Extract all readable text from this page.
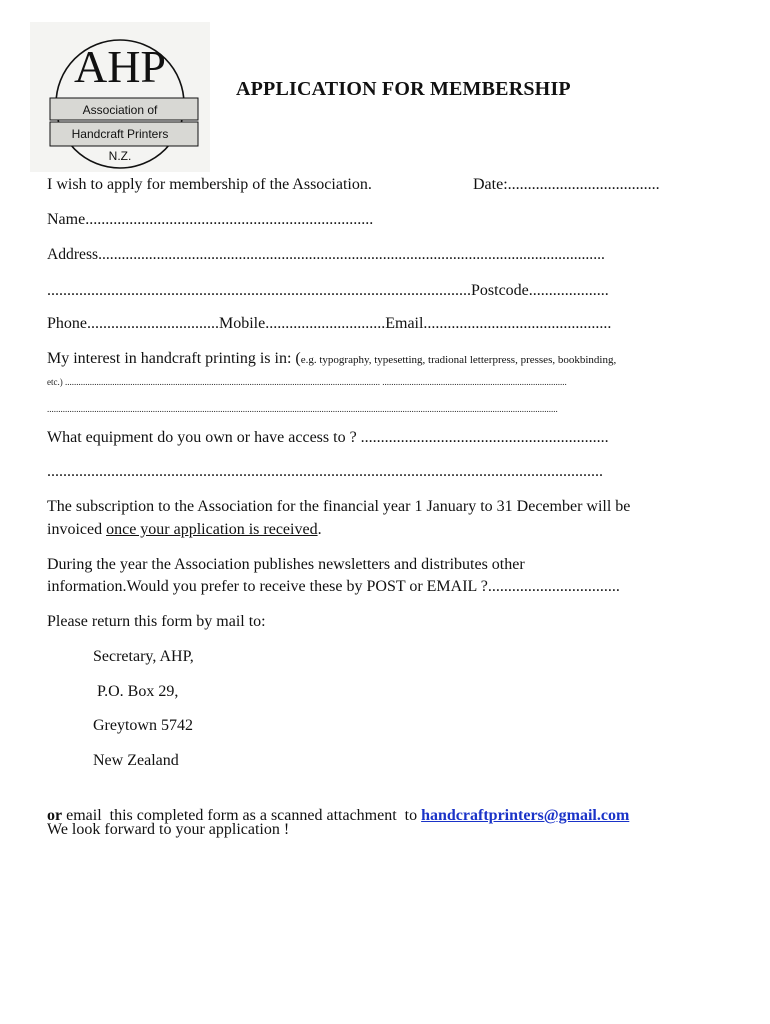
AHP
Association of
Handcraft Printers
N.Z.
APPLICATION FOR MEMBERSHIP
I wish to apply for membership of the Association.	Date:......................................
Name........................................................................
Address..................................................................................................................................
..........................................................................................................Postcode....................
Phone.................................Mobile..............................Email...............................................
My interest in handcraft printing is in: (e.g. typography, typesetting, tradional letterpress, presses, bookbinding,
etc.) ............................................................................................................................................ ..................................................................................
...................................................................................................................................................................................................................................
What equipment do you own or have access to ? ..............................................................
...........................................................................................................................................
The subscription to the Association for the financial year 1 January to 31 December will be
invoiced once your application is received.
During the year the Association publishes newsletters and distributes other
information.Would you prefer to receive these by POST or EMAIL ?.................................
Please return this form by mail to:
Secretary, AHP,
P.O. Box 29,
Greytown 5742
New Zealand

or email  this completed form as a scanned attachment  to handcraftprinters@gmail.com
We look forward to your application !
